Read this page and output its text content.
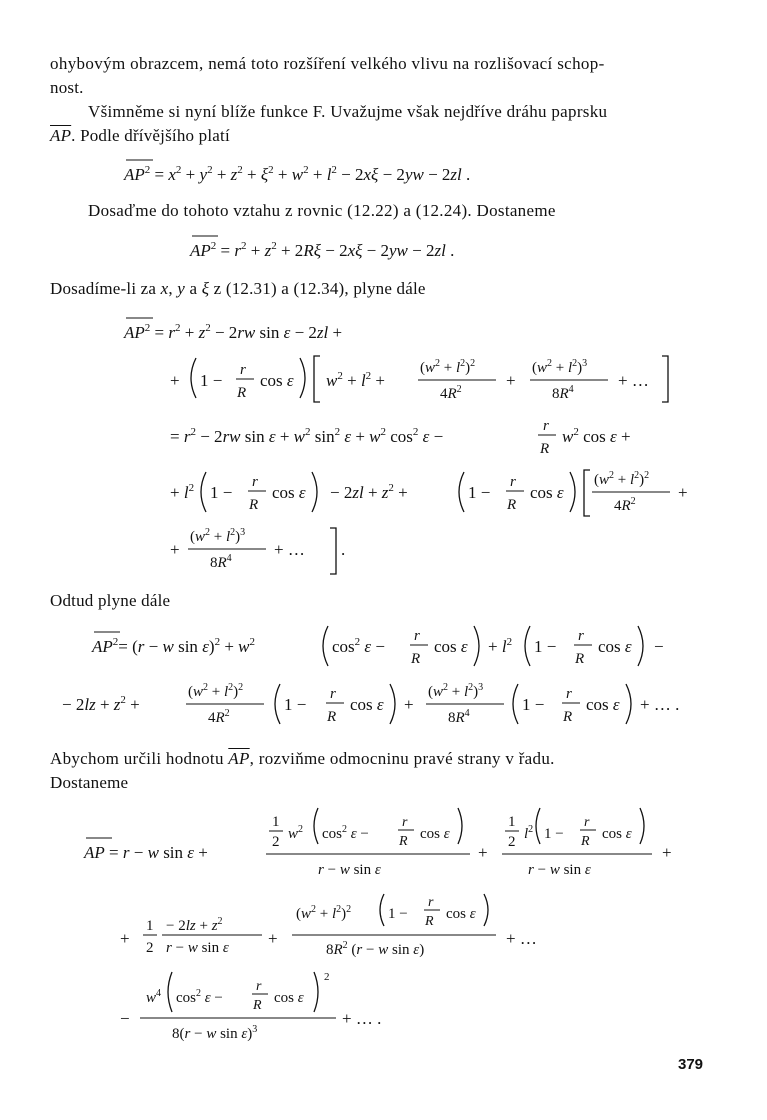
ohybovým obrazcem, nemá toto rozšíření velkého vlivu na rozlišovací schop-
nost.
Všimněme si nyní blíže funkce F. Uvažujme však nejdříve dráhu paprsku
$\overline{AP}$. Podle dřívějšího platí
$AP^2 = x^2 + y^2 + z^2 + \xi^2 + w^2 + l^2 - 2x\xi - 2yw - 2zl$ .
Dosaďme do tohoto vztahu z rovnic (12.22) a (12.24). Dostaneme
$AP^2 = r^2 + z^2 + 2R\xi - 2x\xi - 2yw - 2zl$ .
Dosadíme-li za x, y a ξ z (12.31) a (12.34), plyne dále
$AP^2 = r^2 + z^2 - 2rw$ sin ε − 2zl +
+ 1 −
r
R
cos ε $w^2 + l^2$ +
$(w^2 + l^2)^2$
$4R^2$	+
$(w^2 + l^2)^3$
$8R^4$	+ …
= $r^2 - 2rw$ $\sin \varepsilon + w^2$ $\sin^2 \varepsilon + w^2$ $\cos^2 \varepsilon$ −
r
R
$w^2$ cos ε +
+ $l^2$ 1 −
r
R
$\cos \varepsilon - 2zl + z^2$ +	1 −
r
R
cos ε
$(w^2 + l^2)^2$
$4R^2$ +
+
$(w^2 + l^2)^3$
$8R^4$ + … .
Odtud plyne dále
$AP^2= (r - w$ $\sin \varepsilon)^2 + w^2$	$\cos^2 \varepsilon$ −
r
R
$\cos \varepsilon + l^2$ 1 −
r
R
cos ε −
− $2lz + z^2$ +
$(w^2 + l^2)^2$
$4R^2$	1 −
r
R
cos ε +
$(w^2 + l^2)^3$
$8R^4$	1 −
r
R
cos ε + … .
Abychom určili hodnotu $\overline{AP}$, rozviňme odmocninu pravé strany v řadu.
Dostaneme
AP = r − w sin ε +
1
2 $w^2$ $\cos^2 \varepsilon$ −
r
R cos ε
r − w sin ε
+
1
2 $l^2$ 1 −
r
R cos ε
r − w sin ε
+
+
1
2
− $2lz + z^2$
r − w sin ε +
$(w^2 + l^2)^2$ 1 −
r
R cos ε
$8R^2$ (r − w sin ε)
+ …
−
$w^4$ $\cos^2 \varepsilon$ −
r
R cos ε
2
8(r − w sin ε)$^3$
+ … .
379
